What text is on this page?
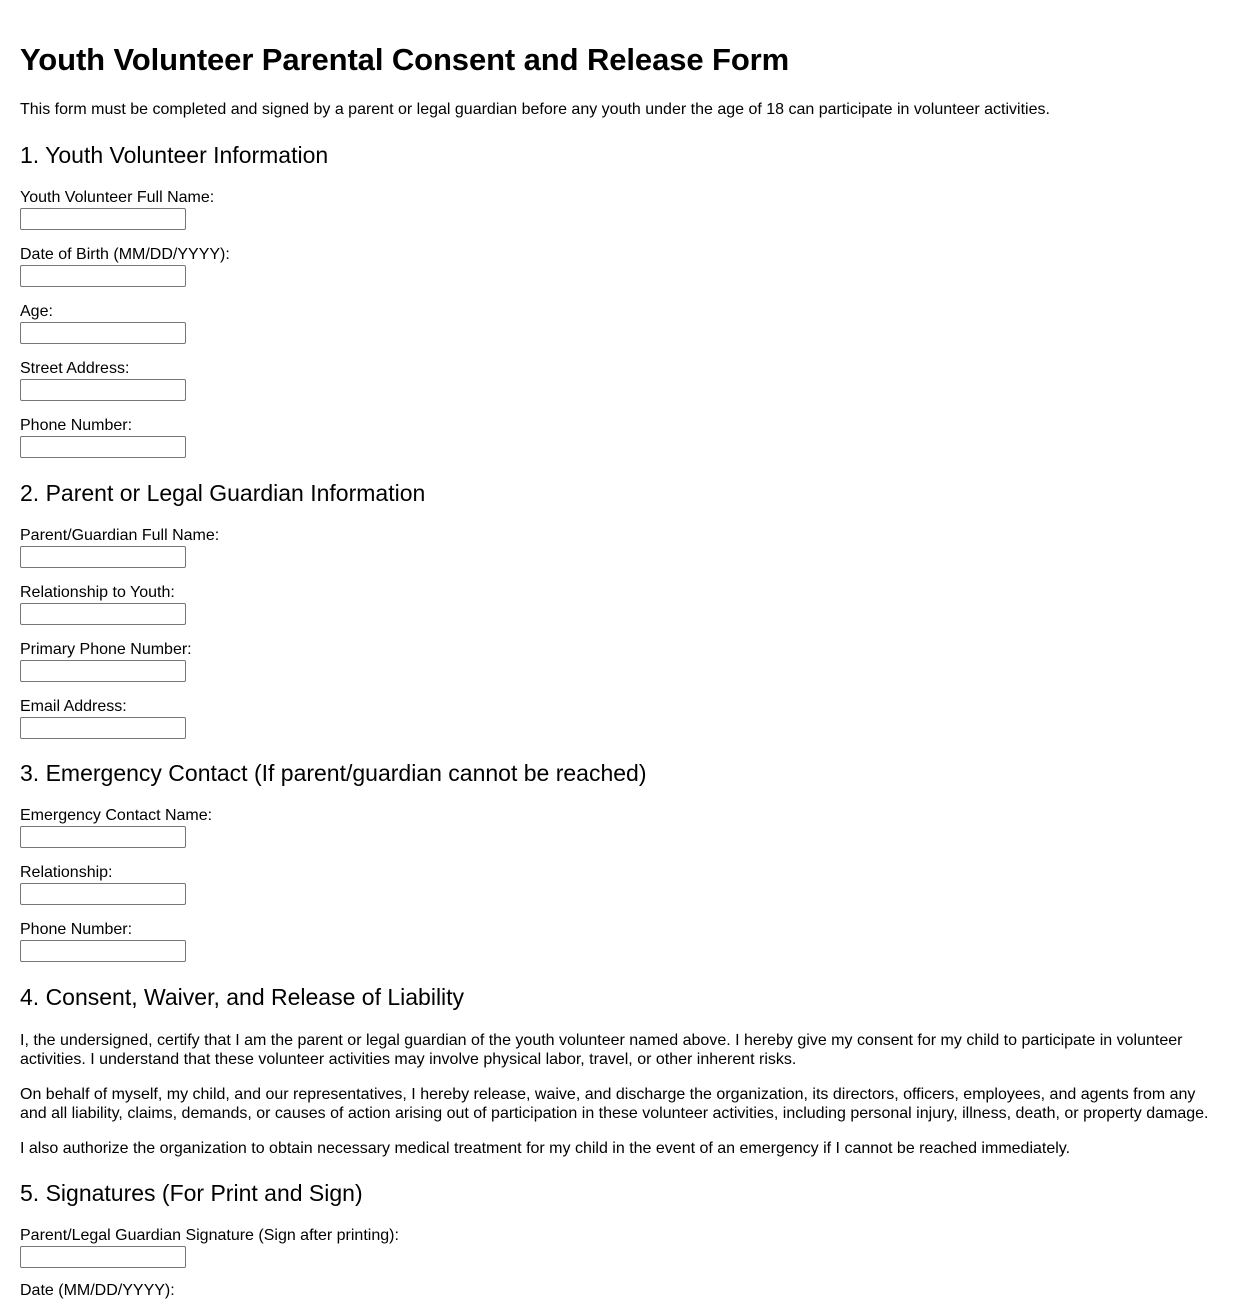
Youth Volunteer Parental Consent and Release Form

This form must be completed and signed by a parent or legal guardian before any youth under the age of 18 can participate in volunteer activities.

1. Youth Volunteer Information
Youth Volunteer Full Name:
Date of Birth (MM/DD/YYYY):
Age:
Street Address:
Phone Number:
2. Parent or Legal Guardian Information
Parent/Guardian Full Name:
Relationship to Youth:
Primary Phone Number:
Email Address:
3. Emergency Contact (If parent/guardian cannot be reached)
Emergency Contact Name:
Relationship:
Phone Number:
4. Consent, Waiver, and Release of Liability

I, the undersigned, certify that I am the parent or legal guardian of the youth volunteer named above. I hereby give my consent for my child to participate in volunteer activities. I understand that these volunteer activities may involve physical labor, travel, or other inherent risks.

On behalf of myself, my child, and our representatives, I hereby release, waive, and discharge the organization, its directors, officers, employees, and agents from any and all liability, claims, demands, or causes of action arising out of participation in these volunteer activities, including personal injury, illness, death, or property damage.

I also authorize the organization to obtain necessary medical treatment for my child in the event of an emergency if I cannot be reached immediately.

5. Signatures (For Print and Sign)
Parent/Legal Guardian Signature (Sign after printing):
Date (MM/DD/YYYY):
